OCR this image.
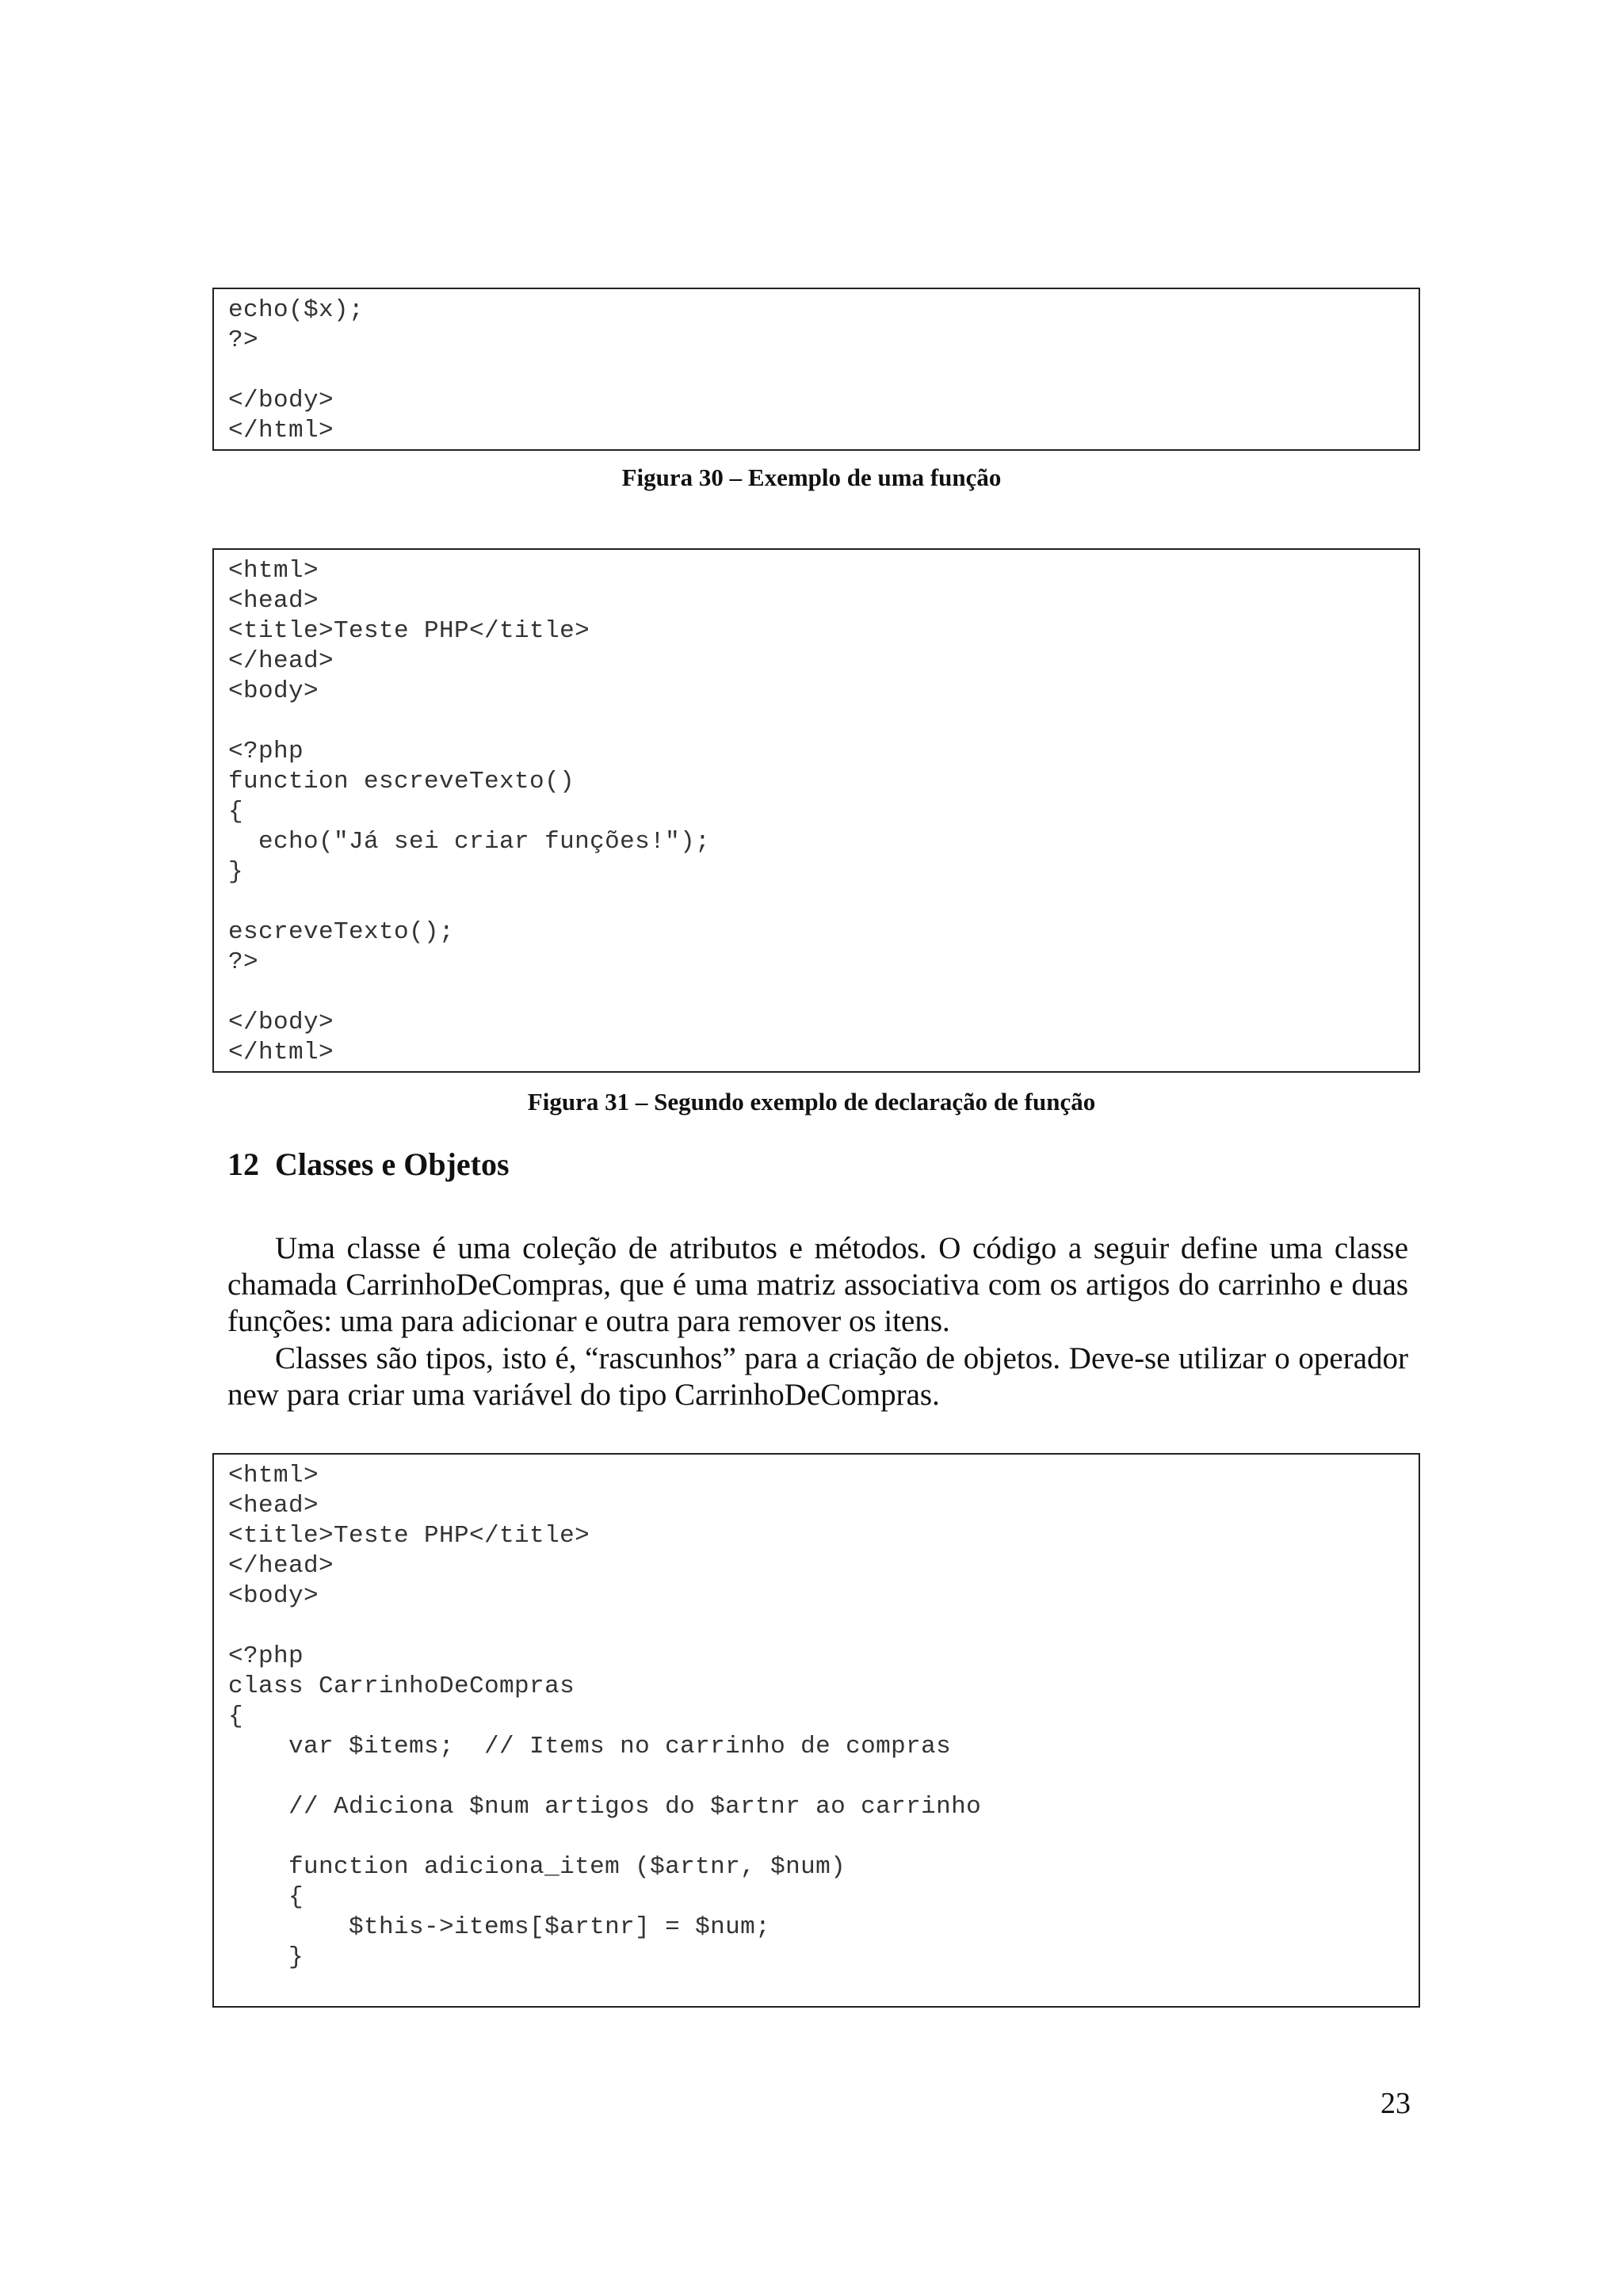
echo($x);
?>
</body>
</html>
Figura 30 – Exemplo de uma função
<html>
<head>
<title>Teste PHP</title>
</head>
<body>
<?php
function escreveTexto()
{
echo("Já sei criar funções!");
}
escreveTexto();
?>
</body>
</html>
Figura 31 – Segundo exemplo de declaração de função
12 Classes e Objetos
Uma classe é uma coleção de atributos e métodos. O código a seguir define uma classe chamada CarrinhoDeCompras, que é uma matriz associativa com os artigos do carrinho e duas funções: uma para adicionar e outra para remover os itens.
Classes são tipos, isto é, “rascunhos” para a criação de objetos. Deve-se utilizar o operador new para criar uma variável do tipo CarrinhoDeCompras.
<html>
<head>
<title>Teste PHP</title>
</head>
<body>
<?php
class CarrinhoDeCompras
{
var $items;  // Items no carrinho de compras
// Adiciona $num artigos do $artnr ao carrinho
function adiciona_item ($artnr, $num)
{
$this->items[$artnr] = $num;
}
23
